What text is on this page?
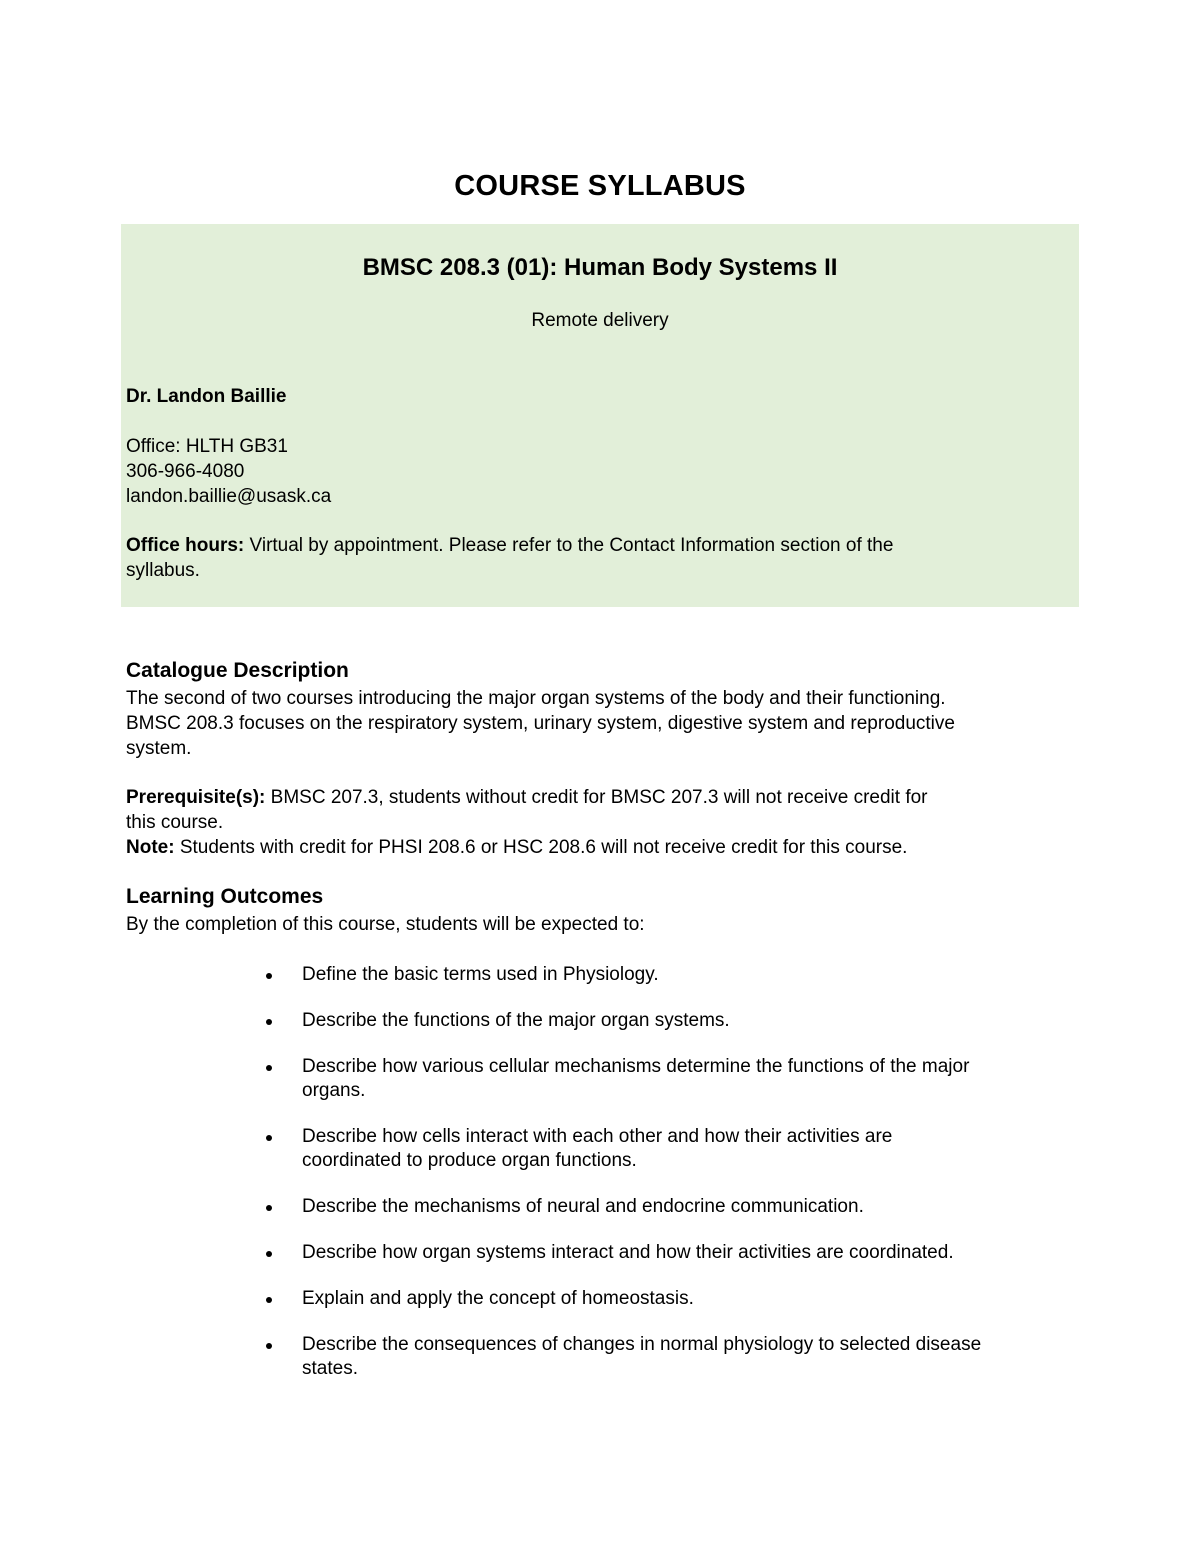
COURSE SYLLABUS
BMSC 208.3 (01): Human Body Systems II
Remote delivery
Dr. Landon Baillie
Office: HLTH GB31
306-966-4080
landon.baillie@usask.ca
Office hours: Virtual by appointment. Please refer to the Contact Information section of the
syllabus.
Catalogue Description
The second of two courses introducing the major organ systems of the body and their functioning.
BMSC 208.3 focuses on the respiratory system, urinary system, digestive system and reproductive
system.
Prerequisite(s): BMSC 207.3, students without credit for BMSC 207.3 will not receive credit for
this course.
Note: Students with credit for PHSI 208.6 or HSC 208.6 will not receive credit for this course.
Learning Outcomes
By the completion of this course, students will be expected to:
Define the basic terms used in Physiology.
Describe the functions of the major organ systems.
Describe how various cellular mechanisms determine the functions of the major
organs.
Describe how cells interact with each other and how their activities are
coordinated to produce organ functions.
Describe the mechanisms of neural and endocrine communication.
Describe how organ systems interact and how their activities are coordinated.
Explain and apply the concept of homeostasis.
Describe the consequences of changes in normal physiology to selected disease
states.
